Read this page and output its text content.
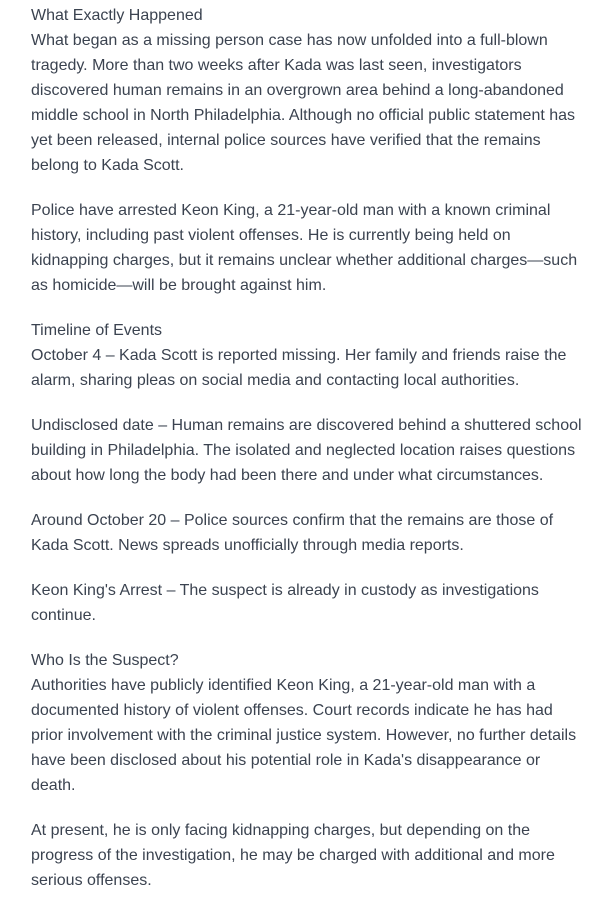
What Exactly Happened

What began as a missing person case has now unfolded into a full-blown tragedy. More than two weeks after Kada was last seen, investigators discovered human remains in an overgrown area behind a long-abandoned middle school in North Philadelphia. Although no official public statement has yet been released, internal police sources have verified that the remains belong to Kada Scott.

Police have arrested Keon King, a 21-year-old man with a known criminal history, including past violent offenses. He is currently being held on kidnapping charges, but it remains unclear whether additional charges—such as homicide—will be brought against him.

Timeline of Events

October 4 – Kada Scott is reported missing. Her family and friends raise the alarm, sharing pleas on social media and contacting local authorities.

Undisclosed date – Human remains are discovered behind a shuttered school building in Philadelphia. The isolated and neglected location raises questions about how long the body had been there and under what circumstances.

Around October 20 – Police sources confirm that the remains are those of Kada Scott. News spreads unofficially through media reports.

Keon King's Arrest – The suspect is already in custody as investigations continue.

Who Is the Suspect?

Authorities have publicly identified Keon King, a 21-year-old man with a documented history of violent offenses. Court records indicate he has had prior involvement with the criminal justice system. However, no further details have been disclosed about his potential role in Kada's disappearance or death.

At present, he is only facing kidnapping charges, but depending on the progress of the investigation, he may be charged with additional and more serious offenses.
